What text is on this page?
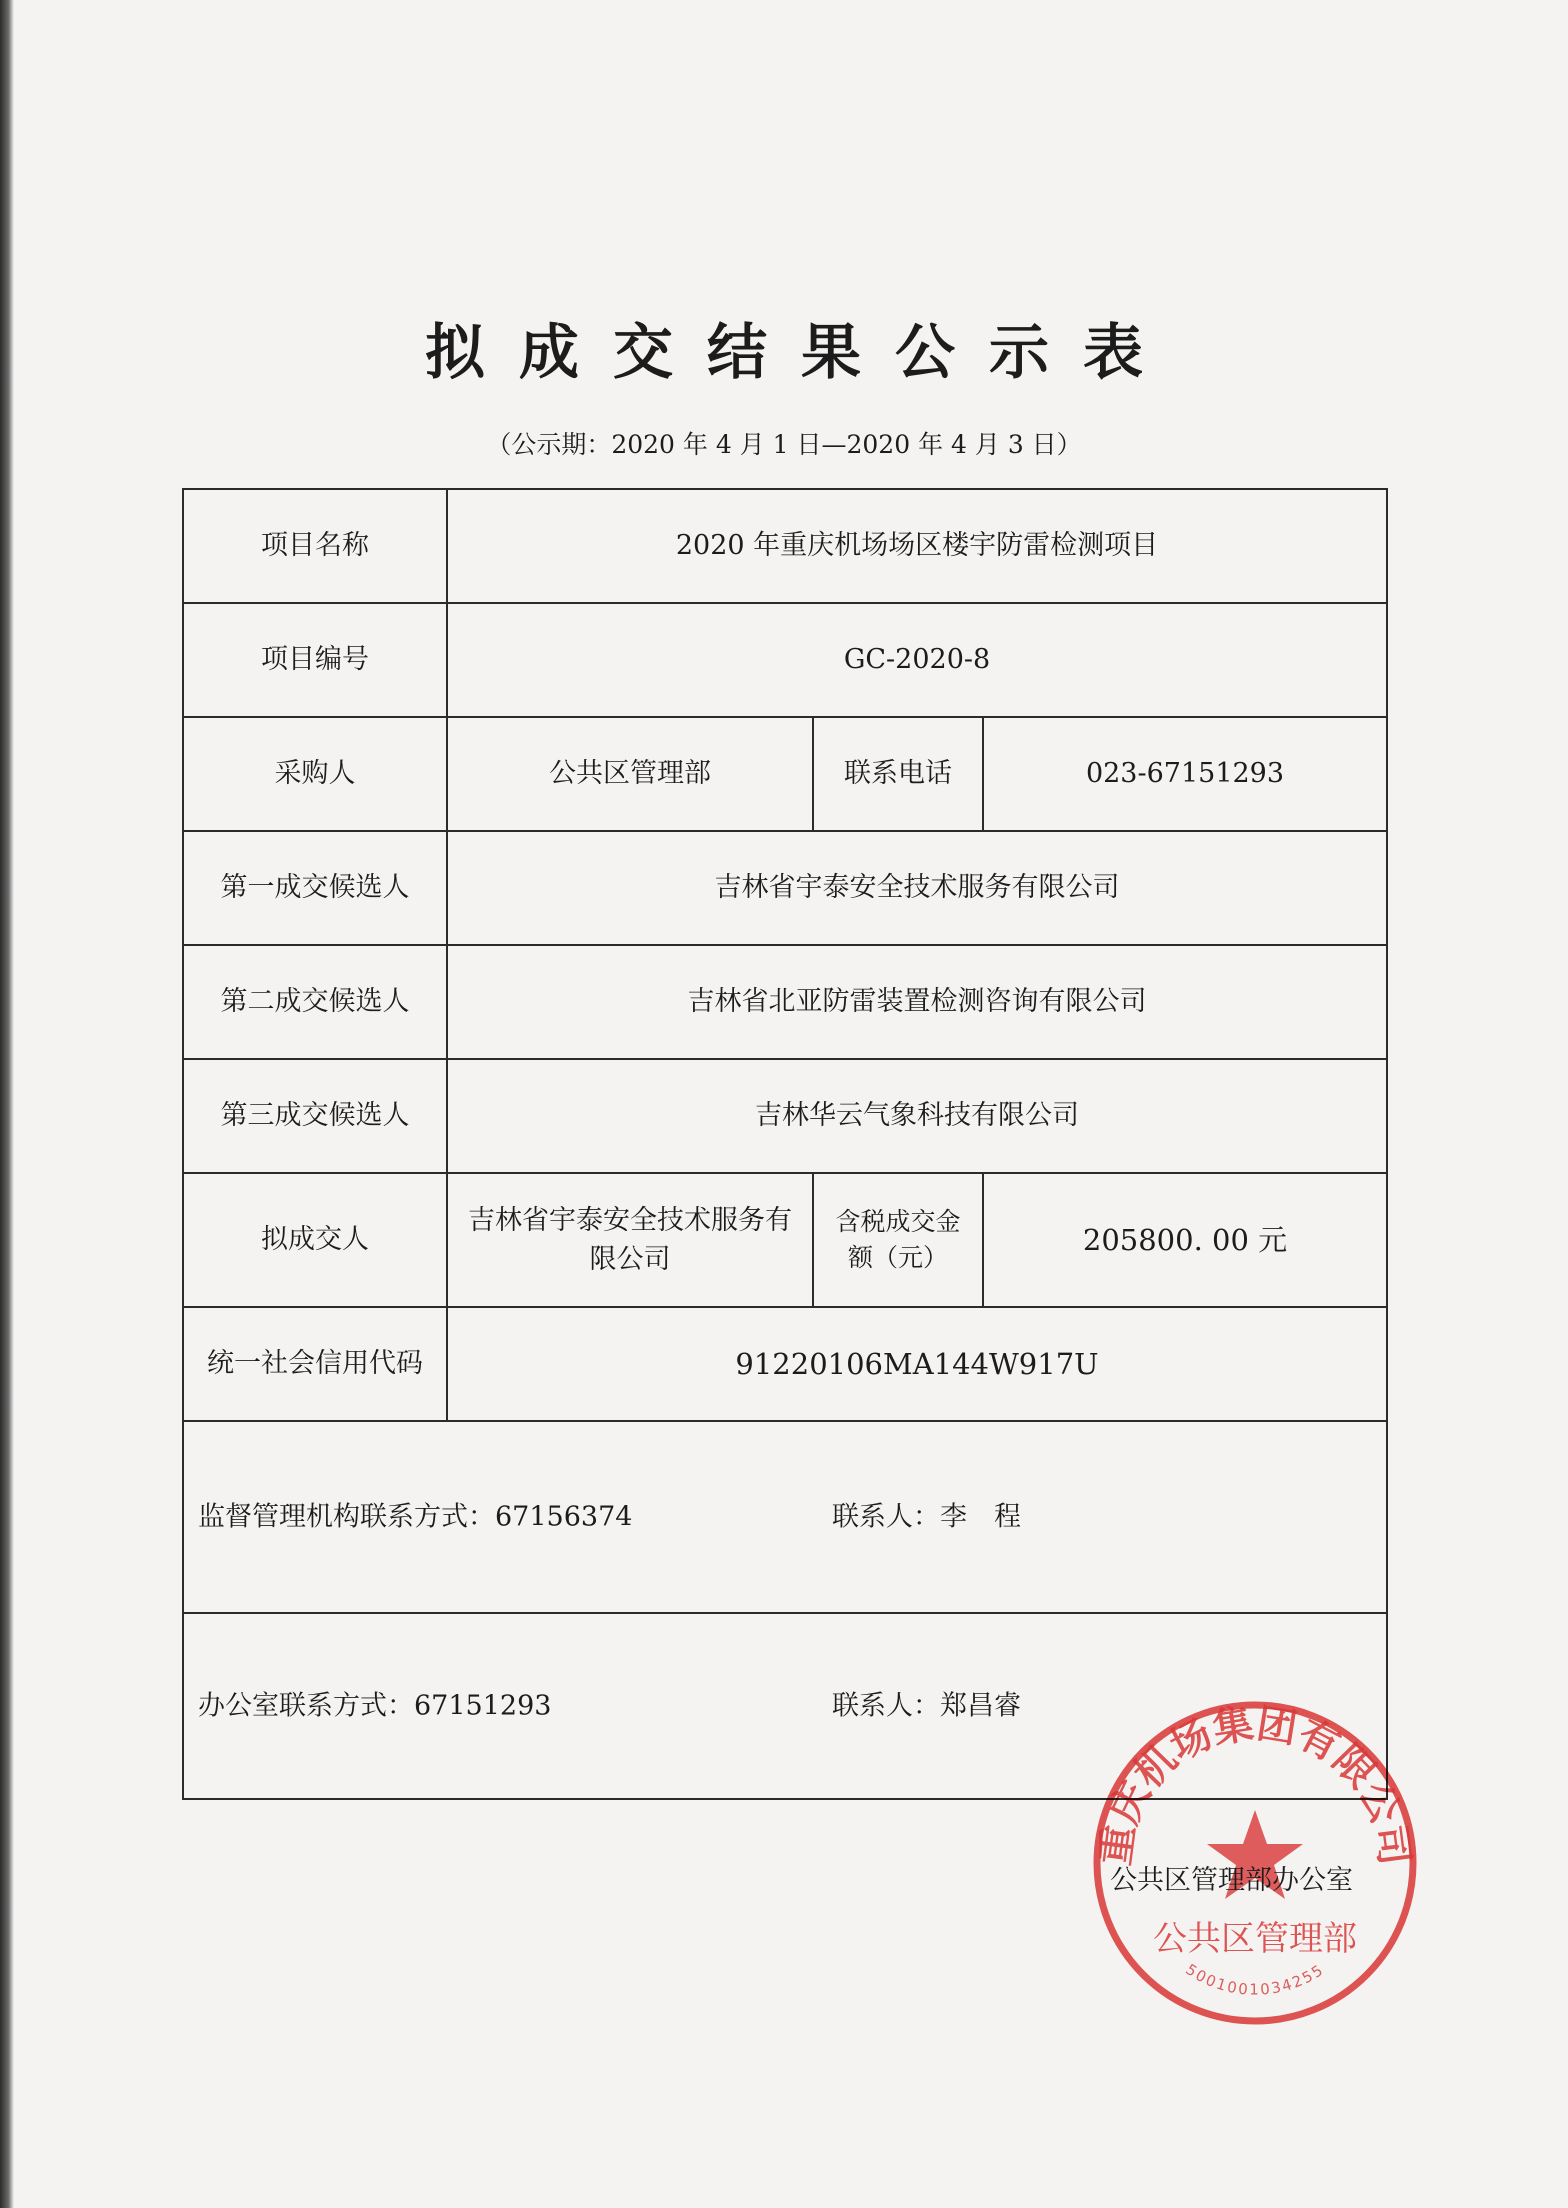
拟成交结果公示表
（公示期：2020 年 4 月 1 日—2020 年 4 月 3 日）
项目名称	2020 年重庆机场场区楼宇防雷检测项目		
项目编号	GC-2020-8		
采购人	公共区管理部	联系电话	023-67151293
第一成交候选人	吉林省宇泰安全技术服务有限公司		
第二成交候选人	吉林省北亚防雷装置检测咨询有限公司		
第三成交候选人	吉林华云气象科技有限公司		
拟成交人	吉林省宇泰安全技术服务有限公司	含税成交金额（元）	205800. 00 元
统一社会信用代码	91220106MA144W917U		

监督管理机构联系方式：67156374 联系人：李　程			

办公室联系方式：67151293 联系人：郑昌睿			
重庆机场集团有限公司
公共区管理部
5001001034255
公共区管理部办公室
